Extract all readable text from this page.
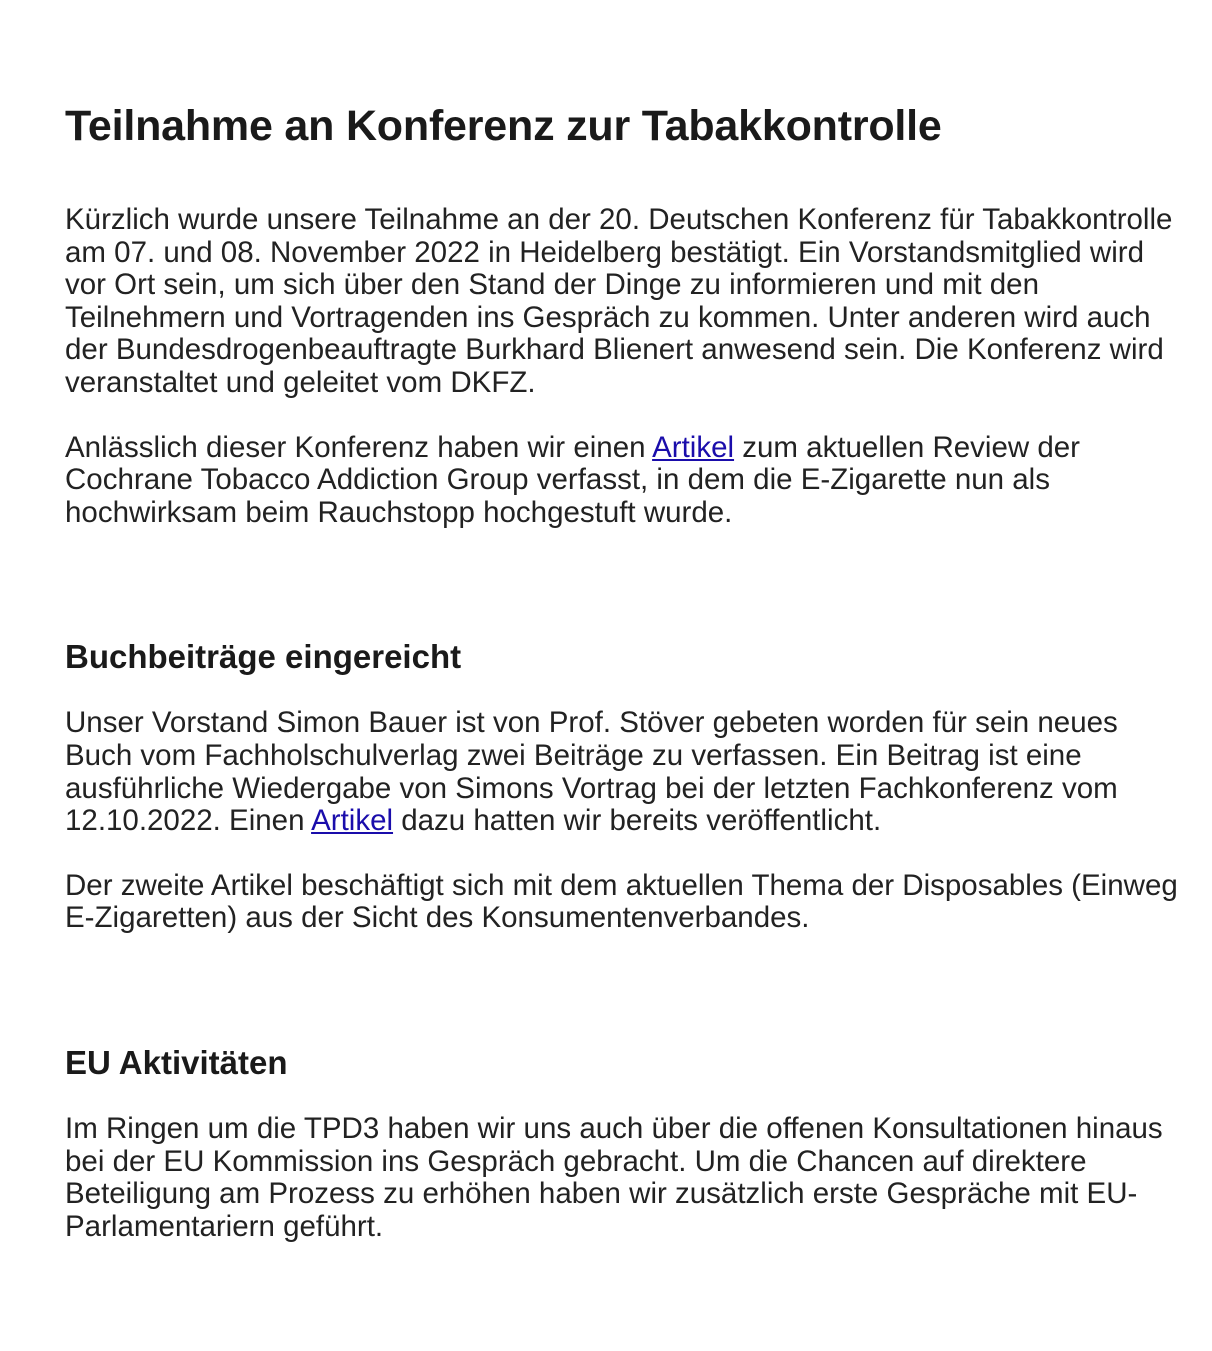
Teilnahme an Konferenz zur Tabakkontrolle

Kürzlich wurde unsere Teilnahme an der 20. Deutschen Konferenz für Tabakkontrolle am 07. und 08. November 2022 in Heidelberg bestätigt. Ein Vorstandsmitglied wird vor Ort sein, um sich über den Stand der Dinge zu informieren und mit den Teilnehmern und Vortragenden ins Gespräch zu kommen. Unter anderen wird auch der Bundesdrogenbeauftragte Burkhard Blienert anwesend sein. Die Konferenz wird veranstaltet und geleitet vom DKFZ.

Anlässlich dieser Konferenz haben wir einen Artikel zum aktuellen Review der Cochrane Tobacco Addiction Group verfasst, in dem die E-Zigarette nun als hochwirksam beim Rauchstopp hochgestuft wurde.

Buchbeiträge eingereicht

Unser Vorstand Simon Bauer ist von Prof. Stöver gebeten worden für sein neues Buch vom Fachholschulverlag zwei Beiträge zu verfassen. Ein Beitrag ist eine ausführliche Wiedergabe von Simons Vortrag bei der letzten Fachkonferenz vom 12.10.2022. Einen Artikel dazu hatten wir bereits veröffentlicht.

Der zweite Artikel beschäftigt sich mit dem aktuellen Thema der Disposables (Einweg E-Zigaretten) aus der Sicht des Konsumentenverbandes.

EU Aktivitäten

Im Ringen um die TPD3 haben wir uns auch über die offenen Konsultationen hinaus bei der EU Kommission ins Gespräch gebracht. Um die Chancen auf direktere Beteiligung am Prozess zu erhöhen haben wir zusätzlich erste Gespräche mit EU-Parlamentariern geführt.
